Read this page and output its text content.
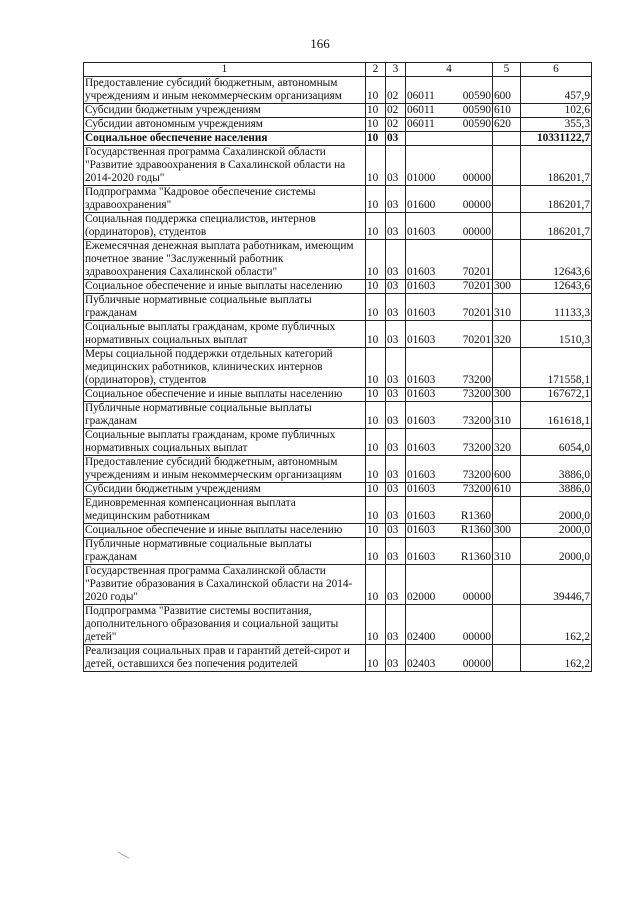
166
1	2	3	4	5	6
Предоставление субсидий бюджетным, автономным учреждениям и иным некоммерческим организациям	10	02	06011 00590	600	457,9
Субсидии бюджетным учреждениям	10	02	06011 00590	610	102,6
Субсидии автономным учреждениям	10	02	06011 00590	620	355,3
Социальное обеспечение населения	10	03			10331122,7
Государственная программа Сахалинской области "Развитие здравоохранения в Сахалинской области на 2014-2020 годы"	10	03	01000 00000		186201,7
Подпрограмма "Кадровое обеспечение системы здравоохранения"	10	03	01600 00000		186201,7
Социальная поддержка специалистов, интернов (ординаторов), студентов	10	03	01603 00000		186201,7
Ежемесячная денежная выплата работникам, имеющим почетное звание "Заслуженный работник здравоохранения Сахалинской области"	10	03	01603 70201		12643,6
Социальное обеспечение и иные выплаты населению	10	03	01603 70201	300	12643,6
Публичные нормативные социальные выплаты гражданам	10	03	01603 70201	310	11133,3
Социальные выплаты гражданам, кроме публичных нормативных социальных выплат	10	03	01603 70201	320	1510,3
Меры социальной поддержки отдельных категорий медицинских работников, клинических интернов (ординаторов), студентов	10	03	01603 73200		171558,1
Социальное обеспечение и иные выплаты населению	10	03	01603 73200	300	167672,1
Публичные нормативные социальные выплаты гражданам	10	03	01603 73200	310	161618,1
Социальные выплаты гражданам, кроме публичных нормативных социальных выплат	10	03	01603 73200	320	6054,0
Предоставление субсидий бюджетным, автономным учреждениям и иным некоммерческим организациям	10	03	01603 73200	600	3886,0
Субсидии бюджетным учреждениям	10	03	01603 73200	610	3886,0
Единовременная компенсационная выплата медицинским работникам	10	03	01603 R1360		2000,0
Социальное обеспечение и иные выплаты населению	10	03	01603 R1360	300	2000,0
Публичные нормативные социальные выплаты гражданам	10	03	01603 R1360	310	2000,0
Государственная программа Сахалинской области "Развитие образования в Сахалинской области на 2014-2020 годы"	10	03	02000 00000		39446,7
Подпрограмма "Развитие системы воспитания, дополнительного образования и социальной защиты детей"	10	03	02400 00000		162,2
Реализация социальных прав и гарантий детей-сирот и детей, оставшихся без попечения родителей	10	03	02403 00000		162,2
